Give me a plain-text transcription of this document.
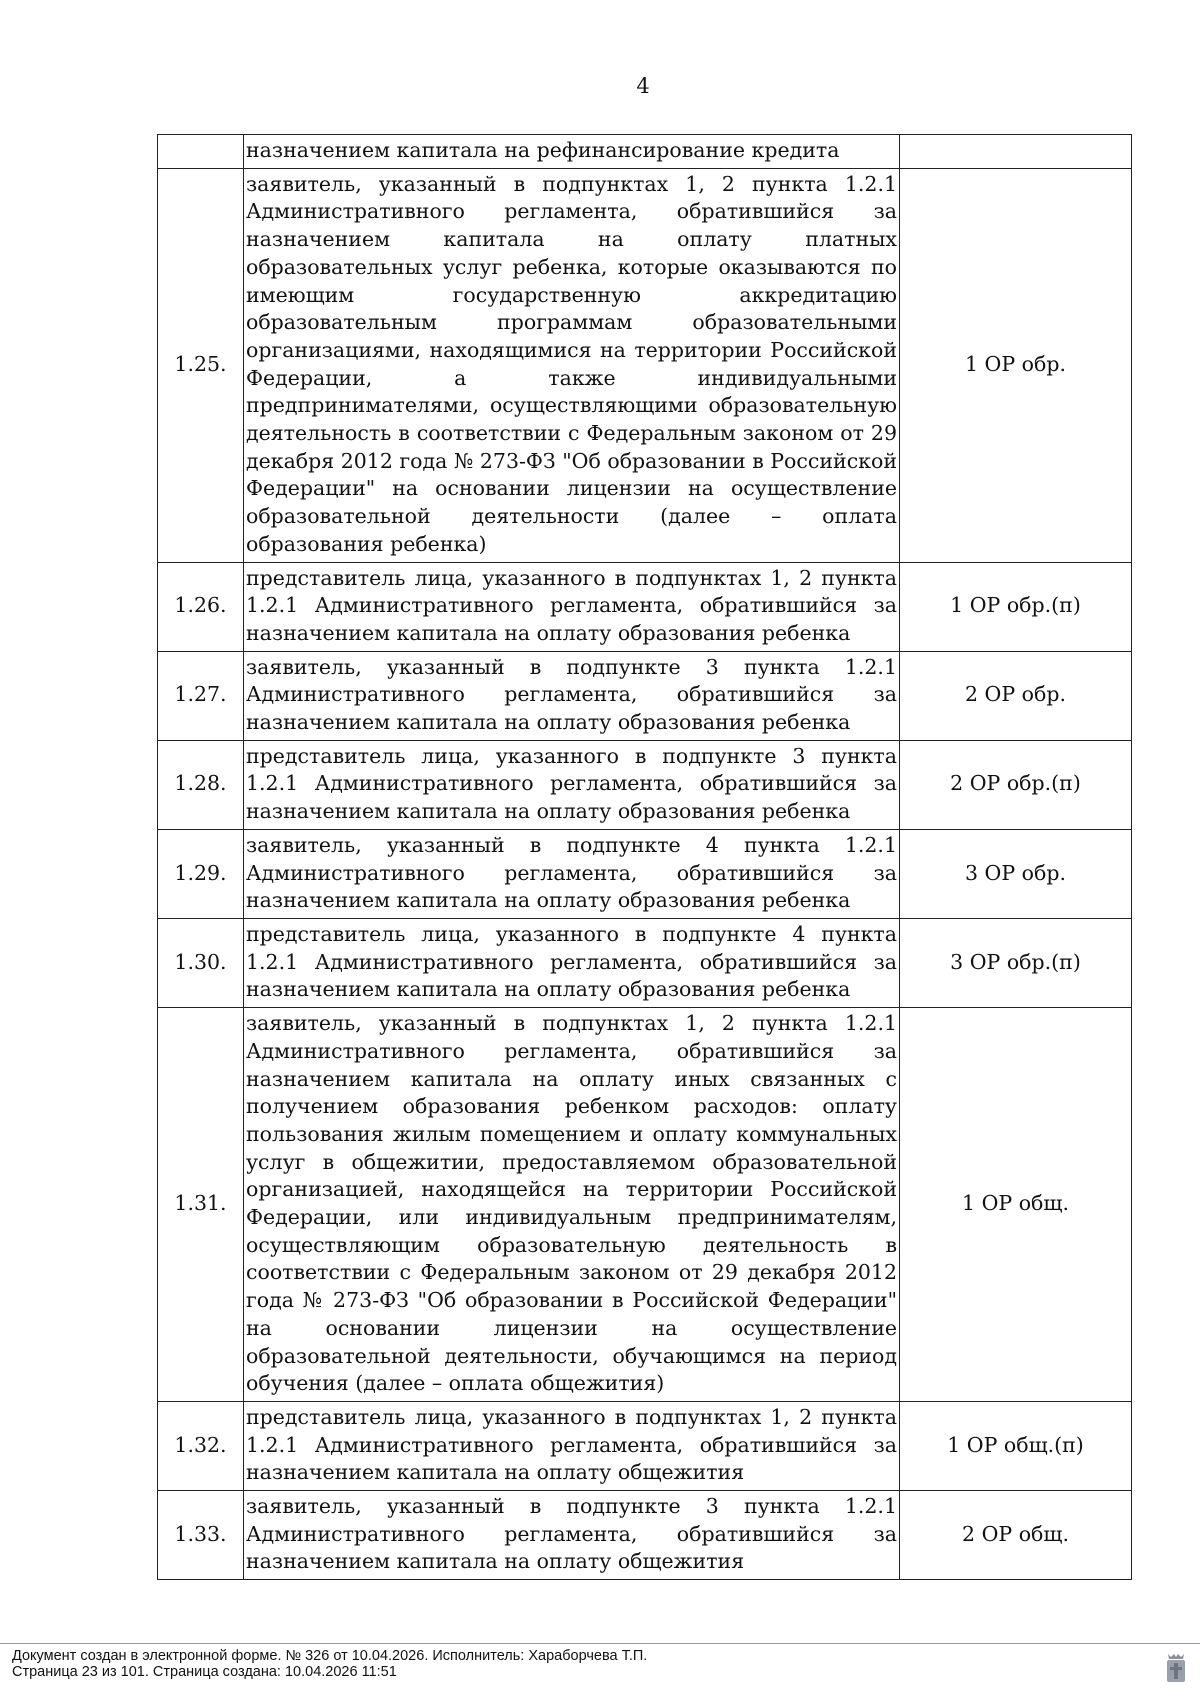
4
	назначением капитала на рефинансирование кредита	
1.25.	заявитель, указанный в подпунктах 1, 2 пункта 1.2.1 Административного регламента, обратившийся за назначением капитала на оплату платных образовательных услуг ребенка, которые оказываются по имеющим государственную аккредитацию образовательным программам образовательными организациями, находящимися на территории Российской Федерации, а также индивидуальными предпринимателями, осуществляющими образовательную деятельность в соответствии с Федеральным законом от 29 декабря 2012 года № 273-ФЗ "Об образовании в Российской Федерации" на основании лицензии на осуществление образовательной деятельности (далее – оплата образования ребенка)	1 ОР обр.
1.26.	представитель лица, указанного в подпунктах 1, 2 пункта 1.2.1 Административного регламента, обратившийся за назначением капитала на оплату образования ребенка	1 ОР обр.(п)
1.27.	заявитель, указанный в подпункте 3 пункта 1.2.1 Административного регламента, обратившийся за назначением капитала на оплату образования ребенка	2 ОР обр.
1.28.	представитель лица, указанного в подпункте 3 пункта 1.2.1 Административного регламента, обратившийся за назначением капитала на оплату образования ребенка	2 ОР обр.(п)
1.29.	заявитель, указанный в подпункте 4 пункта 1.2.1 Административного регламента, обратившийся за назначением капитала на оплату образования ребенка	3 ОР обр.
1.30.	представитель лица, указанного в подпункте 4 пункта 1.2.1 Административного регламента, обратившийся за назначением капитала на оплату образования ребенка	3 ОР обр.(п)
1.31.	заявитель, указанный в подпунктах 1, 2 пункта 1.2.1 Административного регламента, обратившийся за назначением капитала на оплату иных связанных с получением образования ребенком расходов: оплату пользования жилым помещением и оплату коммунальных услуг в общежитии, предоставляемом образовательной организацией, находящейся на территории Российской Федерации, или индивидуальным предпринимателям, осуществляющим образовательную деятельность в соответствии с Федеральным законом от 29 декабря 2012 года № 273-ФЗ "Об образовании в Российской Федерации" на основании лицензии на осуществление образовательной деятельности, обучающимся на период обучения (далее – оплата общежития)	1 ОР общ.
1.32.	представитель лица, указанного в подпунктах 1, 2 пункта 1.2.1 Административного регламента, обратившийся за назначением капитала на оплату общежития	1 ОР общ.(п)
1.33.	заявитель, указанный в подпункте 3 пункта 1.2.1 Административного регламента, обратившийся за назначением капитала на оплату общежития	2 ОР общ.
Документ создан в электронной форме. № 326 от 10.04.2026. Исполнитель: Хараборчева Т.П.
Страница 23 из 101. Страница создана: 10.04.2026 11:51
